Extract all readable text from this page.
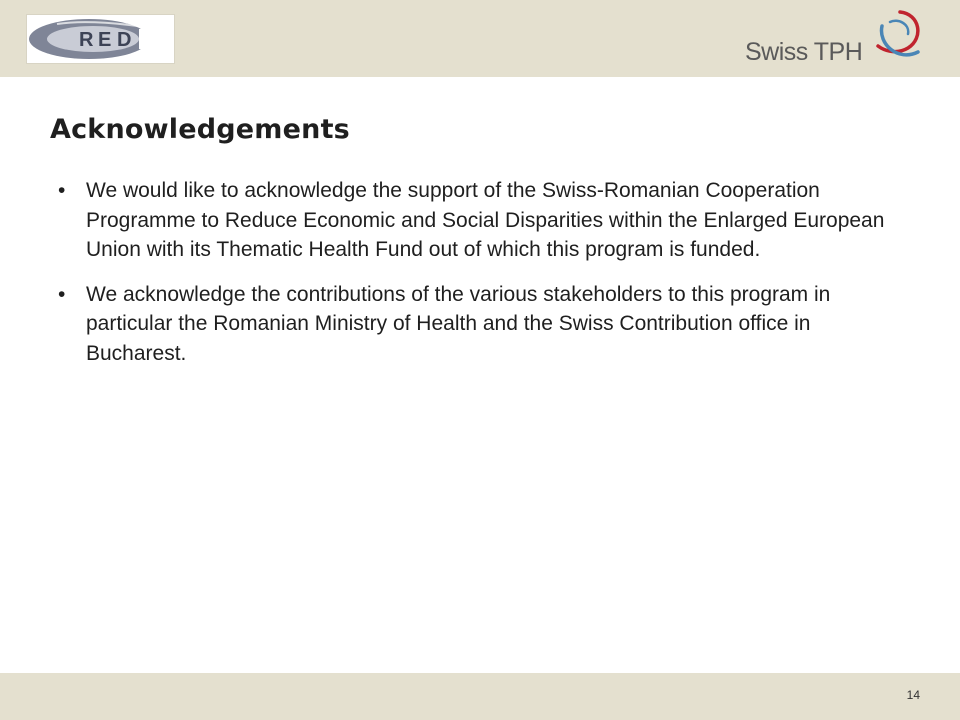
R E D	Swiss TPH
Acknowledgements
• We would like to acknowledge the support of the Swiss-Romanian Cooperation Programme to Reduce Economic and Social Disparities within the Enlarged European Union with its Thematic Health Fund out of which this program is funded.
• We acknowledge the contributions of the various stakeholders to this program in particular the Romanian Ministry of Health and the Swiss Contribution office in Bucharest.
14
